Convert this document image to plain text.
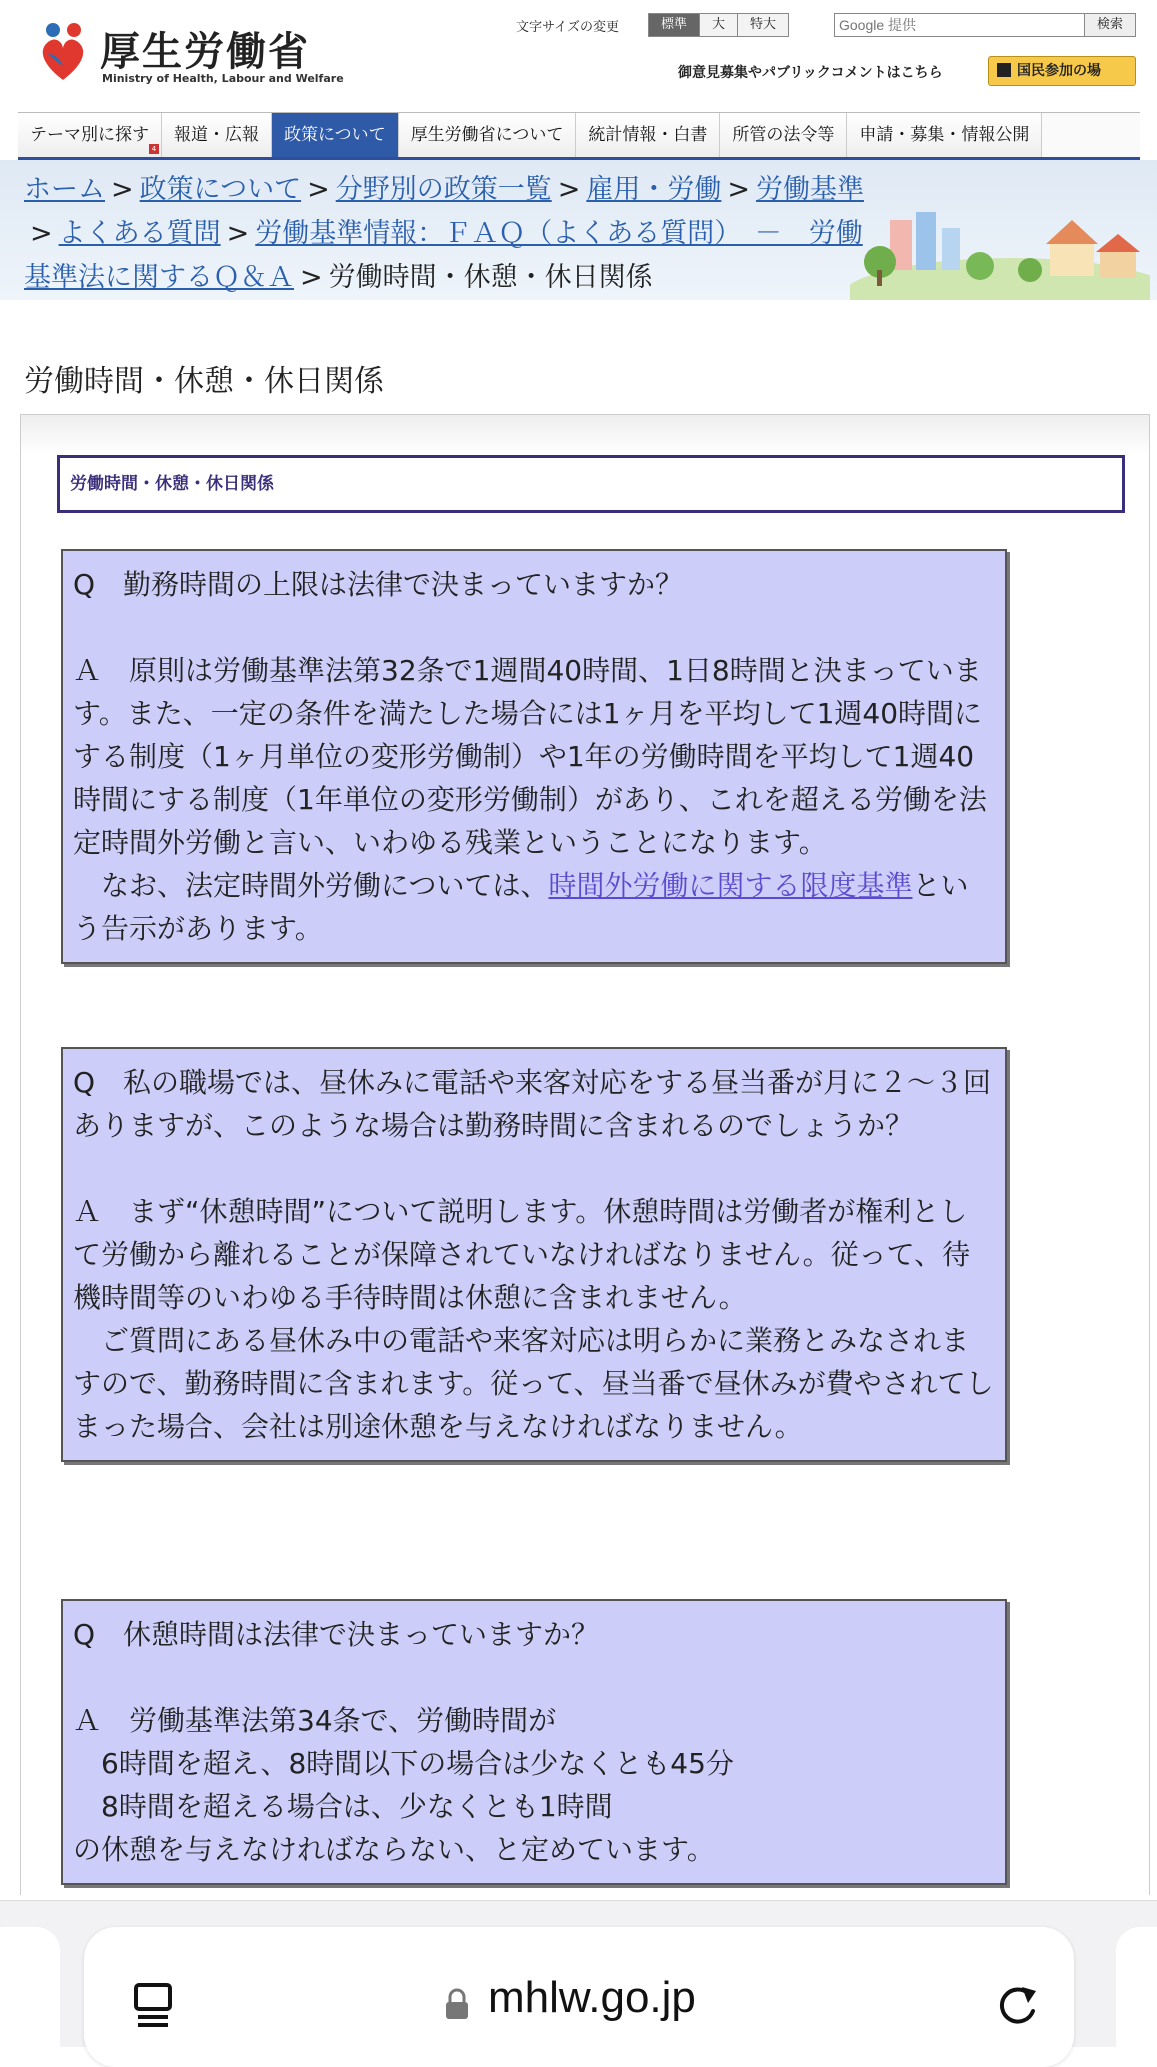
厚生労働省
Ministry of Health, Labour and Welfare
文字サイズの変更	標準	大	特大
Google 提供	検索
御意見募集やパブリックコメントはこちら	国民参加の場
テーマ別に探す
4
報道・広報	政策について	厚生労働省について	統計情報・白書	所管の法令等	申請・募集・情報公開
ホーム > 政策について > 分野別の政策一覧 > 雇用・労働 > 労働基準> よくある質問 > 労働基準情報：ＦＡＱ（よくある質問）　－　労働基準法に関するＱ＆Ａ > 労働時間・休憩・休日関係
労働時間・休憩・休日関係
労働時間・休憩・休日関係

Q　勤務時間の上限は法律で決まっていますか？

Ａ　原則は労働基準法第32条で1週間40時間、1日8時間と決まっています。また、一定の条件を満たした場合には1ヶ月を平均して1週40時間にする制度（1ヶ月単位の変形労働制）や1年の労働時間を平均して1週40時間にする制度（1年単位の変形労働制）があり、これを超える労働を法定時間外労働と言い、いわゆる残業ということになります。

　なお、法定時間外労働については、時間外労働に関する限度基準という告示があります。

Q　私の職場では、昼休みに電話や来客対応をする昼当番が月に２～３回ありますが、このような場合は勤務時間に含まれるのでしょうか？

Ａ　まず“休憩時間”について説明します。休憩時間は労働者が権利として労働から離れることが保障されていなければなりません。従って、待機時間等のいわゆる手待時間は休憩に含まれません。

　ご質問にある昼休み中の電話や来客対応は明らかに業務とみなされますので、勤務時間に含まれます。従って、昼当番で昼休みが費やされてしまった場合、会社は別途休憩を与えなければなりません。

Q　休憩時間は法律で決まっていますか？

Ａ　労働基準法第34条で、労働時間が

　6時間を超え、8時間以下の場合は少なくとも45分

　8時間を超える場合は、少なくとも1時間

の休憩を与えなければならない、と定めています。

mhlw.go.jp
